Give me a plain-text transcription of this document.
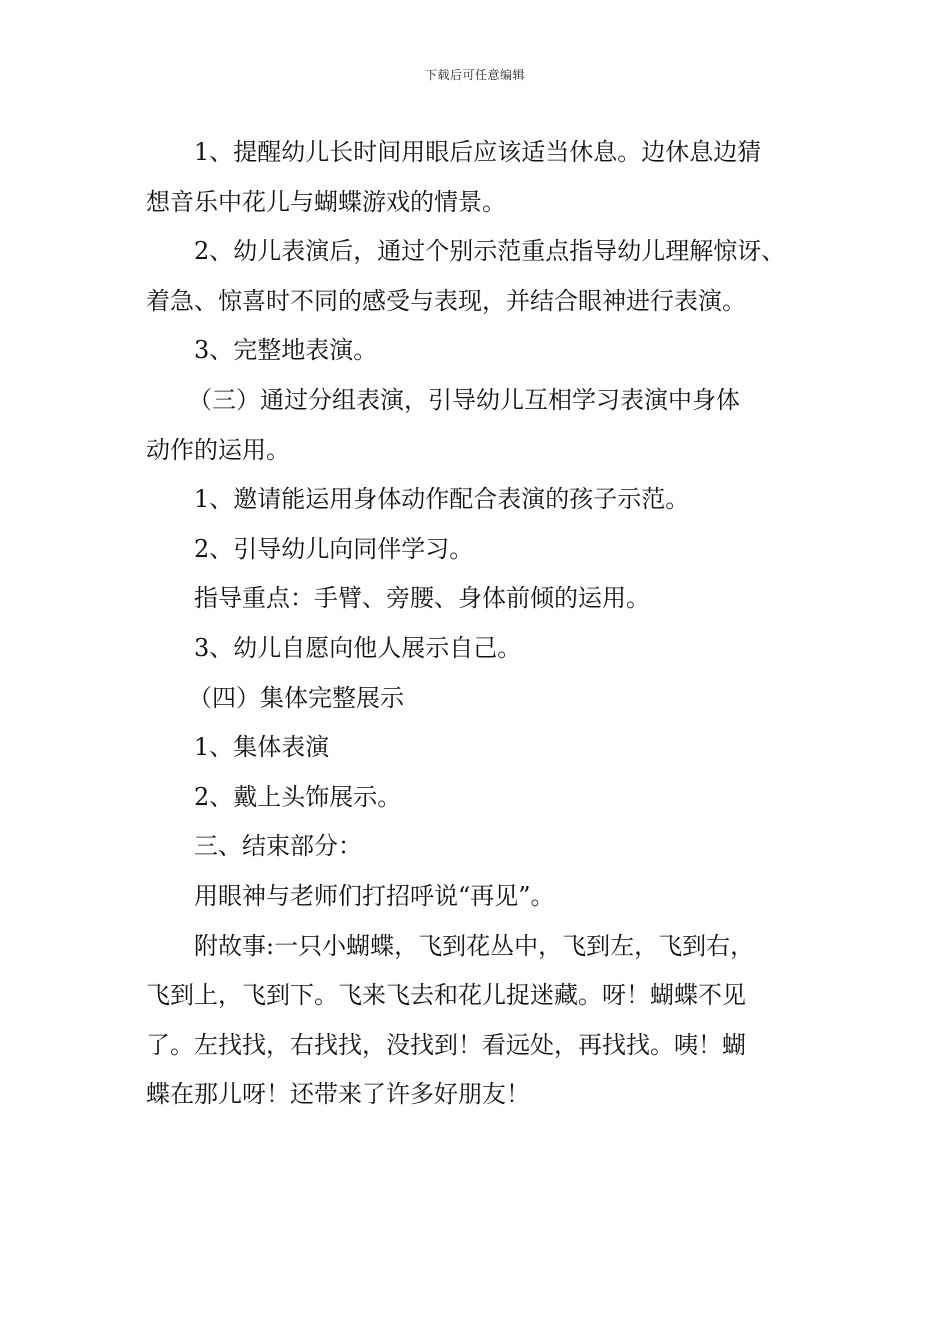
下载后可任意编辑

1、提醒幼儿长时间用眼后应该适当休息。边休息边猜

想音乐中花儿与蝴蝶游戏的情景。

2、幼儿表演后，通过个别示范重点指导幼儿理解惊讶、

着急、惊喜时不同的感受与表现，并结合眼神进行表演。

3、完整地表演。

（三）通过分组表演，引导幼儿互相学习表演中身体

动作的运用。

1、邀请能运用身体动作配合表演的孩子示范。

2、引导幼儿向同伴学习。

指导重点：手臂、旁腰、身体前倾的运用。

3、幼儿自愿向他人展示自己。

（四）集体完整展示

1、集体表演

2、戴上头饰展示。

三、结束部分：

用眼神与老师们打招呼说“再见”。

附故事:一只小蝴蝶，飞到花丛中，飞到左，飞到右，

飞到上，飞到下。飞来飞去和花儿捉迷藏。呀！蝴蝶不见

了。左找找，右找找，没找到！看远处，再找找。咦！蝴

蝶在那儿呀！还带来了许多好朋友！
